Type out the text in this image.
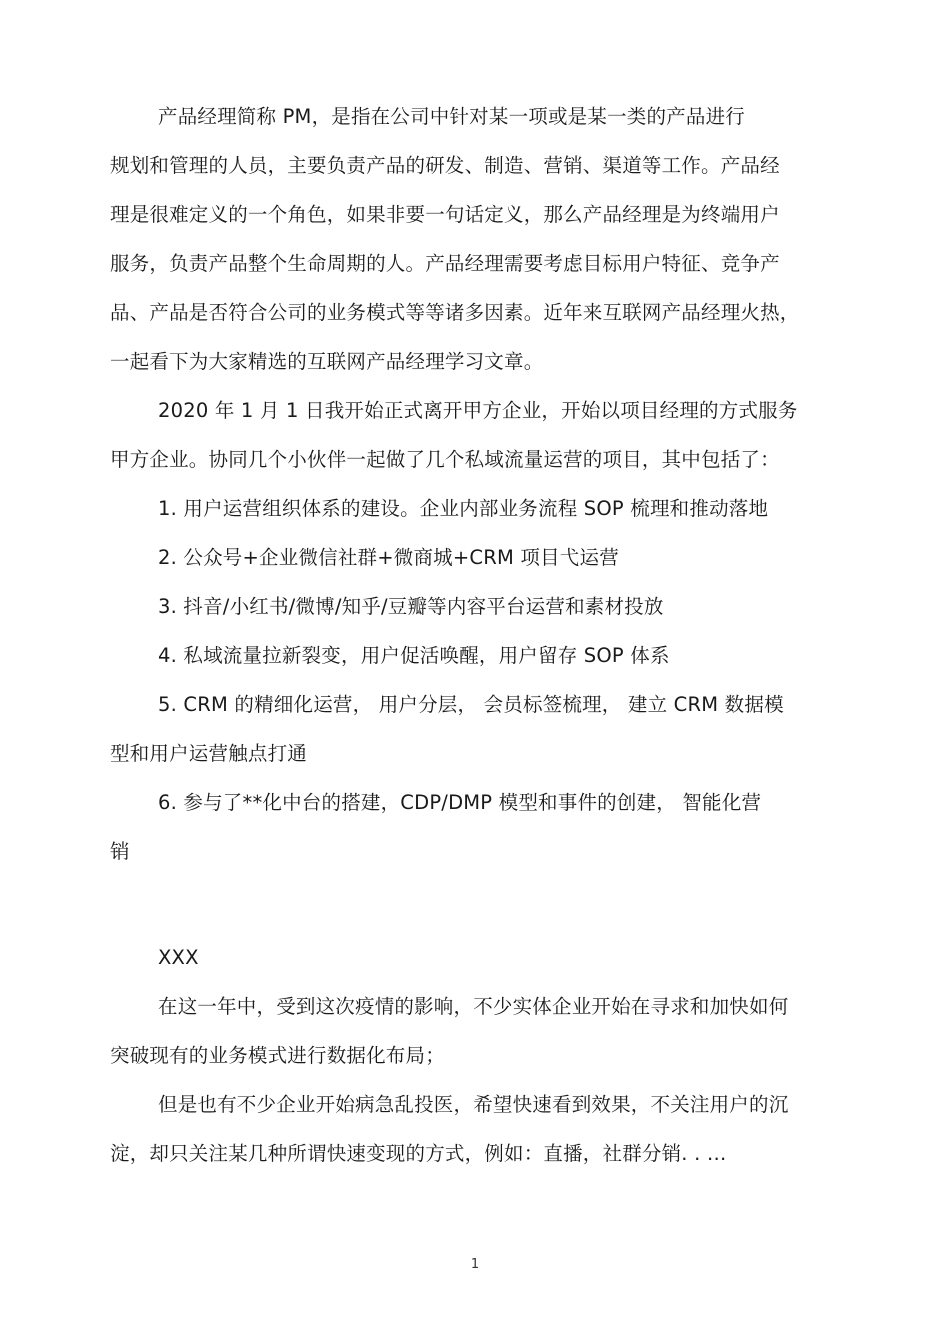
产品经理简称 PM，是指在公司中针对某一项或是某一类的产品进行
规划和管理的人员，主要负责产品的研发、制造、营销、渠道等工作。产品经
理是很难定义的一个角色，如果非要一句话定义，那么产品经理是为终端用户
服务，负责产品整个生命周期的人。产品经理需要考虑目标用户特征、竞争产
品、产品是否符合公司的业务模式等等诸多因素。近年来互联网产品经理火热，
一起看下为大家精选的互联网产品经理学习文章。
2020 年 1 月 1 日我开始正式离开甲方企业，开始以项目经理的方式服务
甲方企业。协同几个小伙伴一起做了几个私域流量运营的项目，其中包括了：
1. 用户运营组织体系的建设。企业内部业务流程 SOP 梳理和推动落地
2. 公众号+企业微信社群+微商城+CRM 项目弋运营
3. 抖音/小红书/微博/知乎/豆瓣等内容平台运营和素材投放
4. 私域流量拉新裂变，用户促活唤醒，用户留存 SOP 体系
5. CRM 的精细化运营， 用户分层， 会员标签梳理， 建立 CRM 数据模
型和用户运营触点打通
6. 参与了**化中台的搭建，CDP/DMP 模型和事件的创建， 智能化营
销
XXX
在这一年中，受到这次疫情的影响，不少实体企业开始在寻求和加快如何
突破现有的业务模式进行数据化布局；
但是也有不少企业开始病急乱投医，希望快速看到效果，不关注用户的沉
淀，却只关注某几种所谓快速变现的方式，例如：直播，社群分销. . …
1
